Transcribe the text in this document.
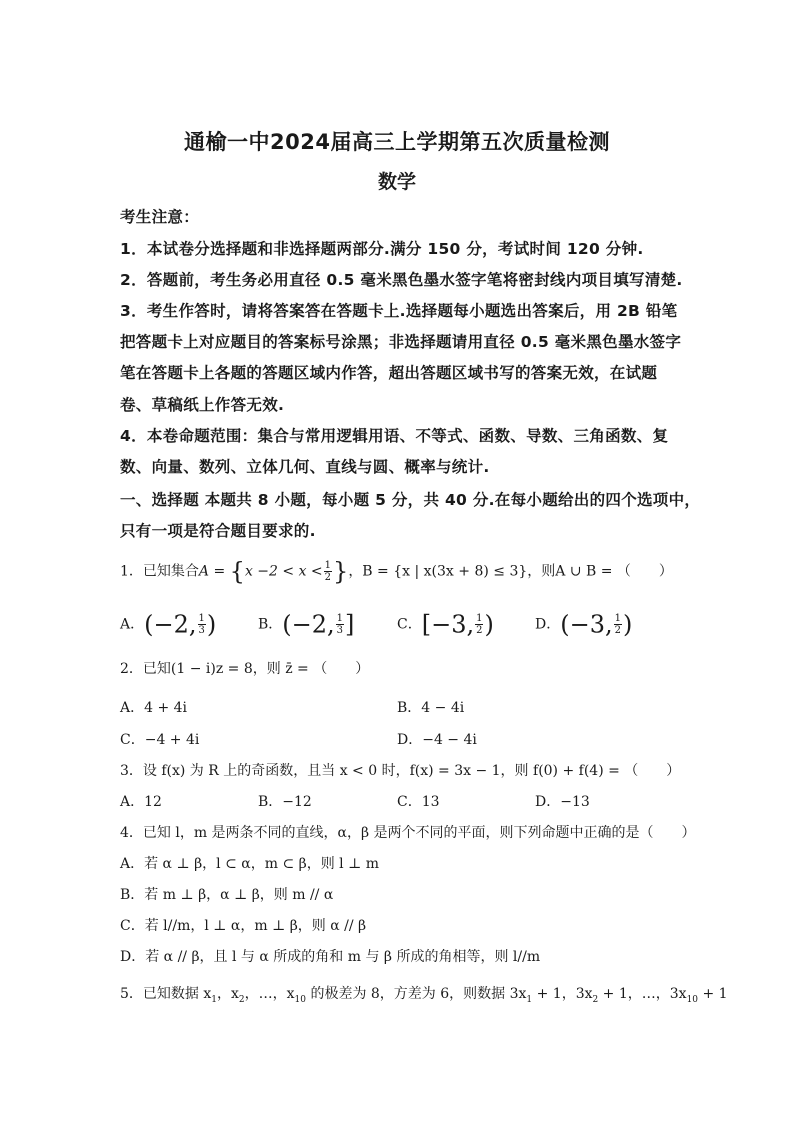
通榆一中2024届高三上学期第五次质量检测
数学
考生注意：
1．本试卷分选择题和非选择题两部分.满分 150 分，考试时间 120 分钟.
2．答题前，考生务必用直径 0.5 毫米黑色墨水签字笔将密封线内项目填写清楚.
3．考生作答时，请将答案答在答题卡上.选择题每小题选出答案后，用 2B 铅笔
把答题卡上对应题目的答案标号涂黑；非选择题请用直径 0.5 毫米黑色墨水签字
笔在答题卡上各题的答题区域内作答，超出答题区域书写的答案无效，在试题
卷、草稿纸上作答无效.
4．本卷命题范围：集合与常用逻辑用语、不等式、函数、导数、三角函数、复
数、向量、数列、立体几何、直线与圆、概率与统计.
一、选择题 本题共 8 小题，每小题 5 分，共 40 分.在每小题给出的四个选项中，
只有一项是符合题目要求的.
1．已知集合$A = \{x -2 < x < \frac{1}{2}$ }，B = {x | x(3x + 8) ≤ 3}，则A ∪ B = （　　）
A．(−2, $\frac{1}{3}$ )	B．(−2, $\frac{1}{3}$ ]	C．[−3, $\frac{1}{2}$ )	D．(−3, $\frac{1}{2}$ )
2．已知(1 − i)z = 8，则 z̄ = （　　）
A．4 + 4i	B．4 − 4i
C．−4 + 4i	D．−4 − 4i
3．设 f(x) 为 R 上的奇函数，且当 x < 0 时，f(x) = 3x − 1，则 f(0) + f(4) = （　　）
A．12	B．−12	C．13	D．−13
4．已知 l，m 是两条不同的直线，α，β 是两个不同的平面，则下列命题中正确的是（　　）
A．若 α ⊥ β，l ⊂ α，m ⊂ β，则 l ⊥ m
B．若 m ⊥ β，α ⊥ β，则 m // α
C．若 l//m，l ⊥ α，m ⊥ β，则 α // β
D．若 α // β，且 l 与 α 所成的角和 m 与 β 所成的角相等，则 l//m
5．已知数据 $x_1$，$x_2$，…，$x_{10}$ 的极差为 8，方差为 6，则数据 $3x_1 + 1$，$3x_2 + 1$，…，$3x_{10} + 1$
